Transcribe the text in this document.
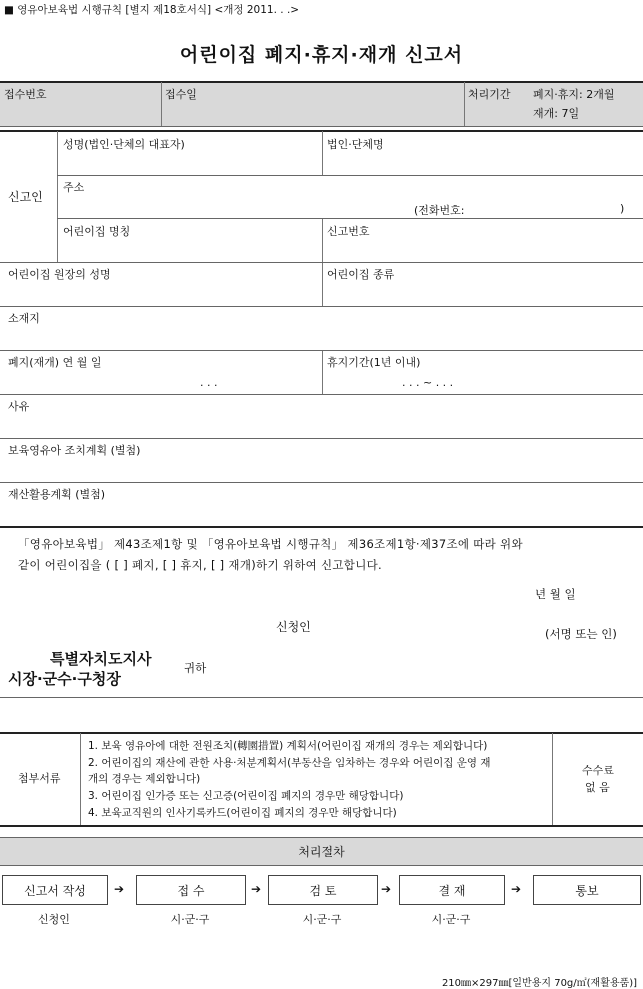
■ 영유아보육법 시행규칙 [별지 제18호서식] <개정 2011. . .>
어린이집 폐지·휴지·재개 신고서
접수번호	접수일	처리기간 폐지·휴지: 2개월
재개: 7일
신고인
성명(법인·단체의 대표자)	법인·단체명
주소
(전화번호:	)
어린이집 명칭	신고번호
어린이집 원장의 성명	어린이집 종류
소재지
폐지(재개) 연 월 일
. . .
휴지기간(1년 이내)
. . . ~ . . .
사유
보육영유아 조치계획 (별첨)
재산활용계획 (별첨)
「영유아보육법」 제43조제1항 및 「영유아보육법 시행규칙」 제36조제1항·제37조에 따라 위와
같이 어린이집을 ( [ ] 폐지, [ ] 휴지, [ ] 재개)하기 위하여 신고합니다.
년 월 일
신청인	(서명 또는 인)
특별자치도지사
시장·군수·구청장
귀하
첨부서류
1. 보육 영유아에 대한 전원조치(轉園措置) 계획서(어린이집 재개의 경우는 제외합니다)
2. 어린이집의 재산에 관한 사용·처분계획서(부동산을 임차하는 경우와 어린이집 운영 재
개의 경우는 제외합니다)
3. 어린이집 인가증 또는 신고증(어린이집 폐지의 경우만 해당합니다)
4. 보육교직원의 인사기록카드(어린이집 폐지의 경우만 해당합니다)
수수료
없 음
처리절차
신고서 작성	➔	접 수	➔	검 토	➔	결 재	➔	통보
신청인	시·군·구	시·군·구	시·군·구
210㎜×297㎜[일반용지 70g/㎡(재활용품)]
